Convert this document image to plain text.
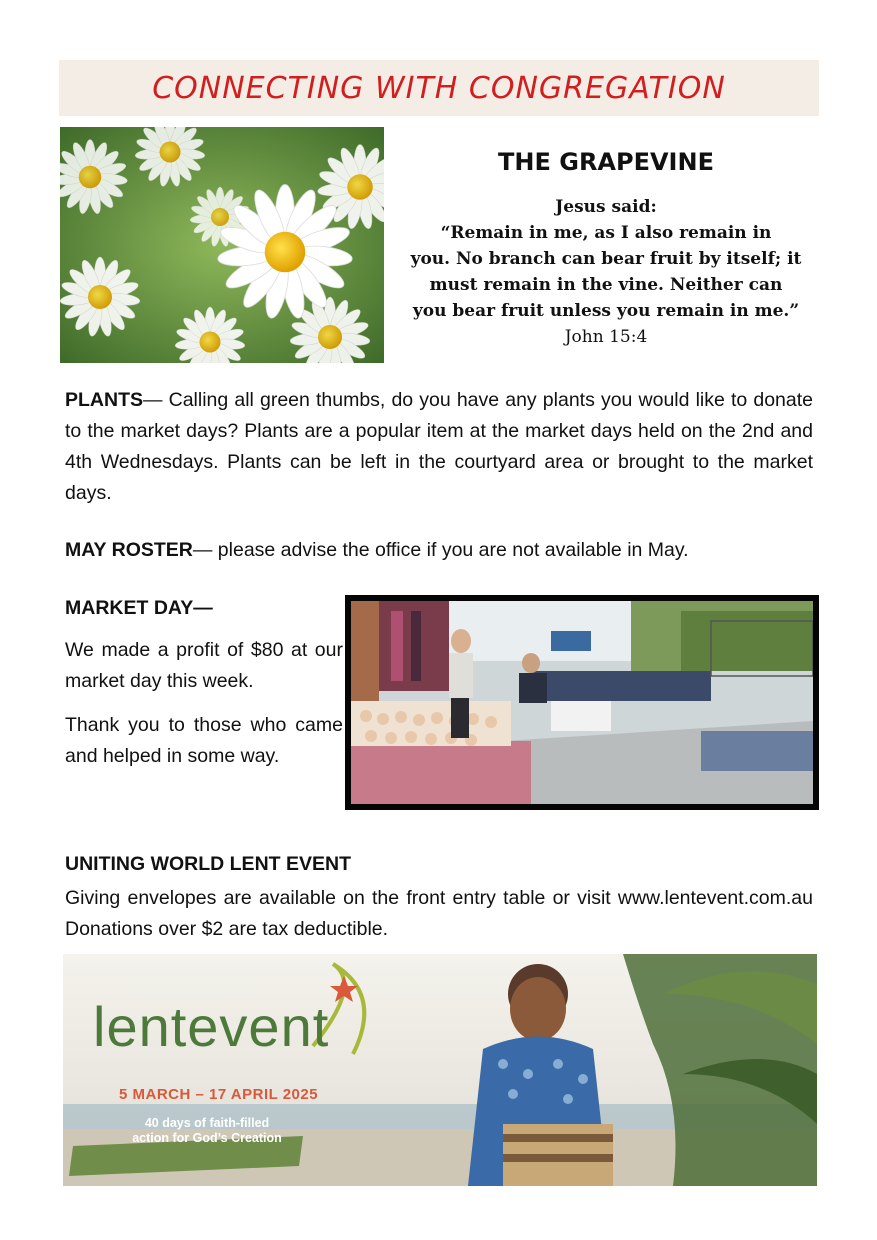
CONNECTING WITH CONGREGATION
THE GRAPEVINE
Jesus said:
“Remain in me, as I also remain in
you. No branch can bear fruit by itself; it
must remain in the vine. Neither can
you bear fruit unless you remain in me.”
John 15:4
PLANTS— Calling all green thumbs, do you have any plants you would like to donate to the market days? Plants are a popular item at the market days held on the 2nd and 4th Wednesdays. Plants can be left in the courtyard area or brought to the market days.
MAY ROSTER— please advise the office if you are not available in May.
MARKET DAY—
We made a profit of $80 at our market day this week.
Thank you to those who came and helped in some way.
UNITING WORLD LENT EVENT
Giving envelopes are available on the front entry table or visit www.lentevent.com.au Donations over $2 are tax deductible.
lentevent
5 MARCH – 17 APRIL 2025
40 days of faith-filled
action for God’s Creation
